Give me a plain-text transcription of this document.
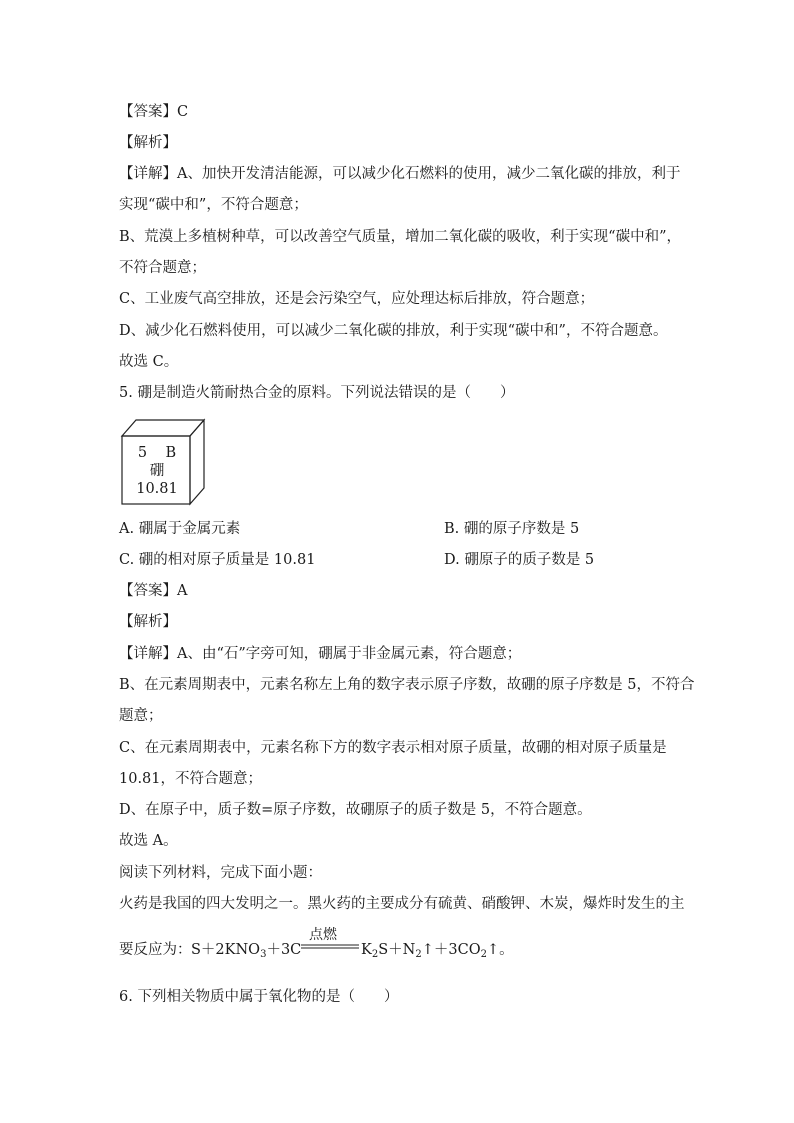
【答案】C
【解析】
【详解】A、加快开发清洁能源，可以减少化石燃料的使用，减少二氧化碳的排放，利于
实现“碳中和”，不符合题意；
B、荒漠上多植树种草，可以改善空气质量，增加二氧化碳的吸收，利于实现“碳中和”，
不符合题意；
C、工业废气高空排放，还是会污染空气，应处理达标后排放，符合题意；
D、减少化石燃料使用，可以减少二氧化碳的排放，利于实现“碳中和”，不符合题意。
故选 C。
5. 硼是制造火箭耐热合金的原料。下列说法错误的是（　　）
5 B
硼
10.81
A. 硼属于金属元素	B. 硼的原子序数是 5
C. 硼的相对原子质量是 10.81	D. 硼原子的质子数是 5
【答案】A
【解析】
【详解】A、由“石”字旁可知，硼属于非金属元素，符合题意；
B、在元素周期表中，元素名称左上角的数字表示原子序数，故硼的原子序数是 5，不符合
题意；
C、在元素周期表中，元素名称下方的数字表示相对原子质量，故硼的相对原子质量是
10.81，不符合题意；
D、在原子中，质子数=原子序数，故硼原子的质子数是 5，不符合题意。
故选 A。
阅读下列材料，完成下面小题：
火药是我国的四大发明之一。黑火药的主要成分有硫黄、硝酸钾、木炭，爆炸时发生的主
要反应为： $S+2KNO_3+3C$
点燃
$K_2S+N_2↑+3CO_2↑$。
6. 下列相关物质中属于氧化物的是（　　）
